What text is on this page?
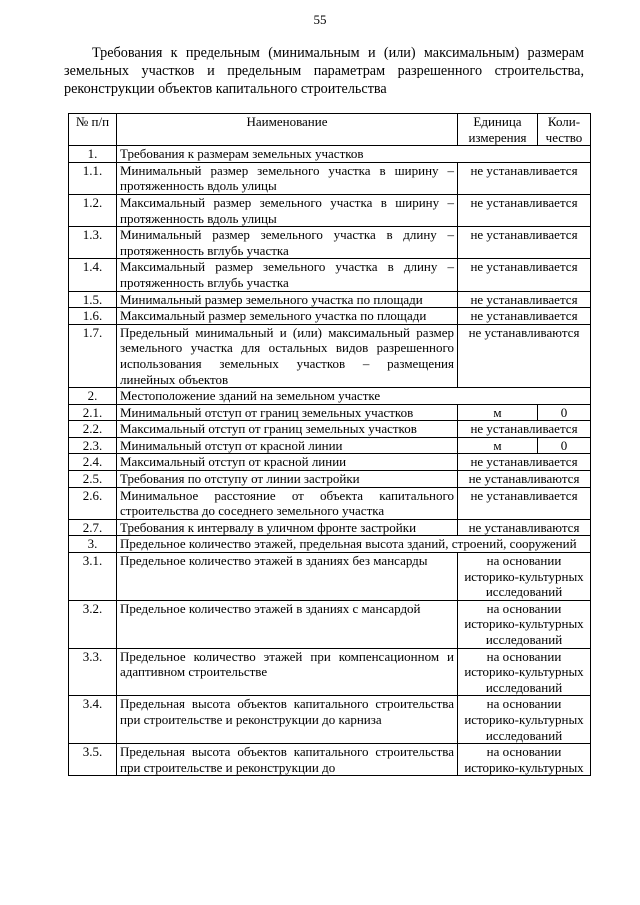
55
Требования к предельным (минимальным и (или) максимальным) размерам земельных участков и предельным параметрам разрешенного строительства, реконструкции объектов капитального строительства
№ п/п	Наименование	Единица измерения	Коли-чество
1.	Требования к размерам земельных участков		
1.1.	Минимальный размер земельного участка в ширину – протяженность вдоль улицы	не устанавливается	
1.2.	Максимальный размер земельного участка в ширину – протяженность вдоль улицы	не устанавливается	
1.3.	Минимальный размер земельного участка в длину – протяженность вглубь участка	не устанавливается	
1.4.	Максимальный размер земельного участка в длину – протяженность вглубь участка	не устанавливается	
1.5.	Минимальный размер земельного участка по площади	не устанавливается	
1.6.	Максимальный размер земельного участка по площади	не устанавливается	
1.7.	Предельный минимальный и (или) максимальный размер земельного участка для остальных видов разрешенного использования земельных участков – размещения линейных объектов	не устанавливаются	
2.	Местоположение зданий на земельном участке		
2.1.	Минимальный отступ от границ земельных участков	м	0
2.2.	Максимальный отступ от границ земельных участков	не устанавливается	
2.3.	Минимальный отступ от красной линии	м	0
2.4.	Максимальный отступ от красной линии	не устанавливается	
2.5.	Требования по отступу от линии застройки	не устанавливаются	
2.6.	Минимальное расстояние от объекта капитального строительства до соседнего земельного участка	не устанавливается	
2.7.	Требования к интервалу в уличном фронте застройки	не устанавливаются	
3.	Предельное количество этажей, предельная высота зданий, строений, сооружений		
3.1.	Предельное количество этажей в зданиях без мансарды	на основании историко-культурных исследований	
3.2.	Предельное количество этажей в зданиях с мансардой	на основании историко-культурных исследований	
3.3.	Предельное количество этажей при компенсационном и адаптивном строительстве	на основании историко-культурных исследований	
3.4.	Предельная высота объектов капитального строительства при строительстве и реконструкции до карниза	на основании историко-культурных исследований	
3.5.	Предельная высота объектов капитального строительства при строительстве и реконструкции до	на основании историко-культурных	
